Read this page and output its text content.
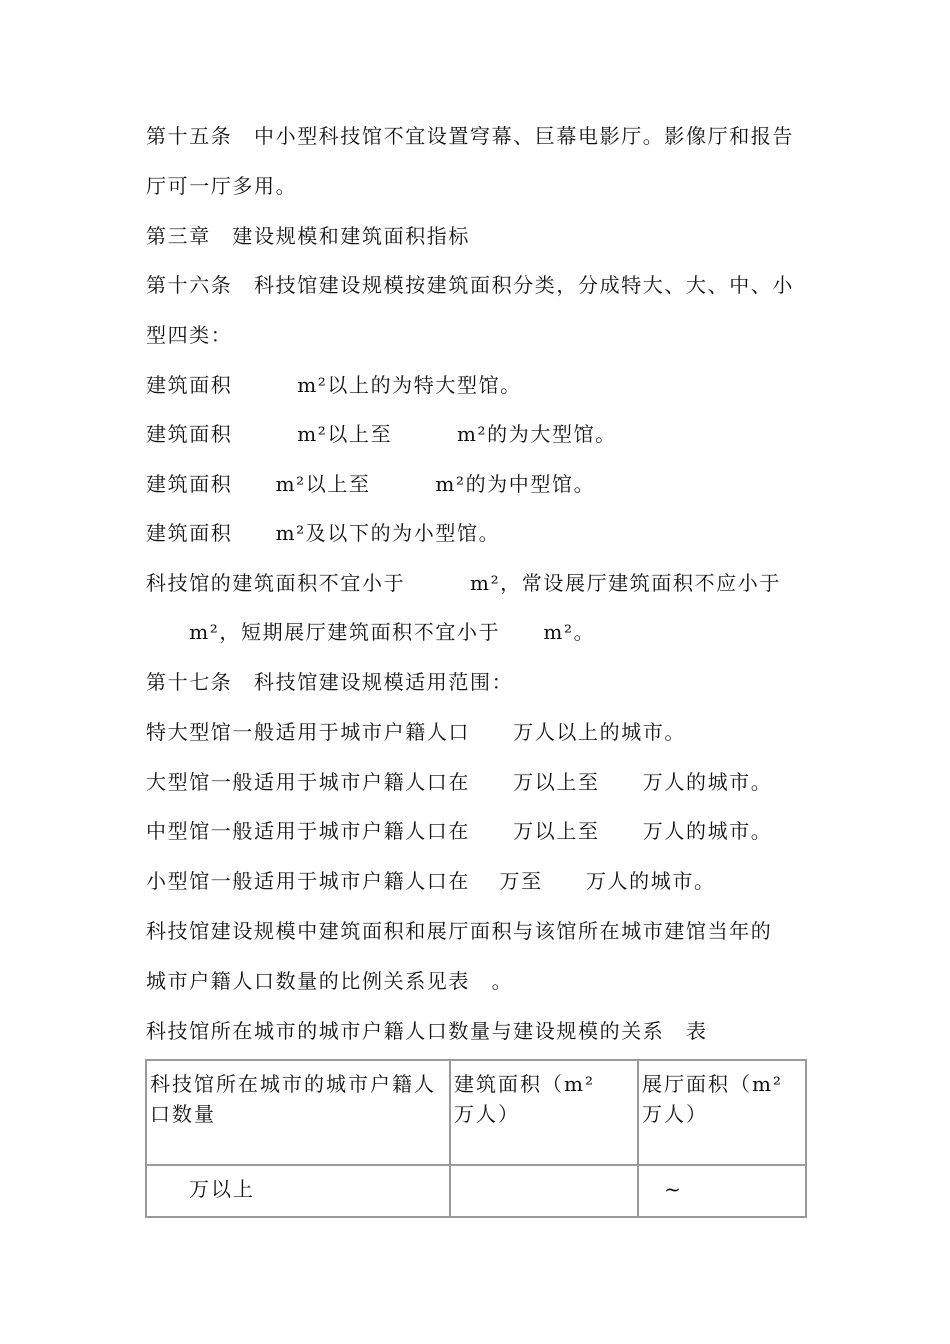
第十五条　中小型科技馆不宜设置穹幕、巨幕电影厅。影像厅和报告
厅可一厅多用。
第三章　建设规模和建筑面积指标
第十六条　科技馆建设规模按建筑面积分类，分成特大、大、中、小
型四类：
建筑面积　　　m²以上的为特大型馆。
建筑面积　　　m²以上至　　　m²的为大型馆。
建筑面积　　m²以上至　　　m²的为中型馆。
建筑面积　　m²及以下的为小型馆。
科技馆的建筑面积不宜小于　　　m²，常设展厅建筑面积不应小于
　　m²，短期展厅建筑面积不宜小于　　m²。
第十七条　科技馆建设规模适用范围：
特大型馆一般适用于城市户籍人口　　万人以上的城市。
大型馆一般适用于城市户籍人口在　　万以上至　　万人的城市。
中型馆一般适用于城市户籍人口在　　万以上至　　万人的城市。
小型馆一般适用于城市户籍人口在　 万至　　万人的城市。
科技馆建设规模中建筑面积和展厅面积与该馆所在城市建馆当年的
城市户籍人口数量的比例关系见表　。
科技馆所在城市的城市户籍人口数量与建设规模的关系　表
科技馆所在城市的城市户籍人口数量
建筑面积（m²　万人）
展厅面积（m²　万人）
　万以上	　~
